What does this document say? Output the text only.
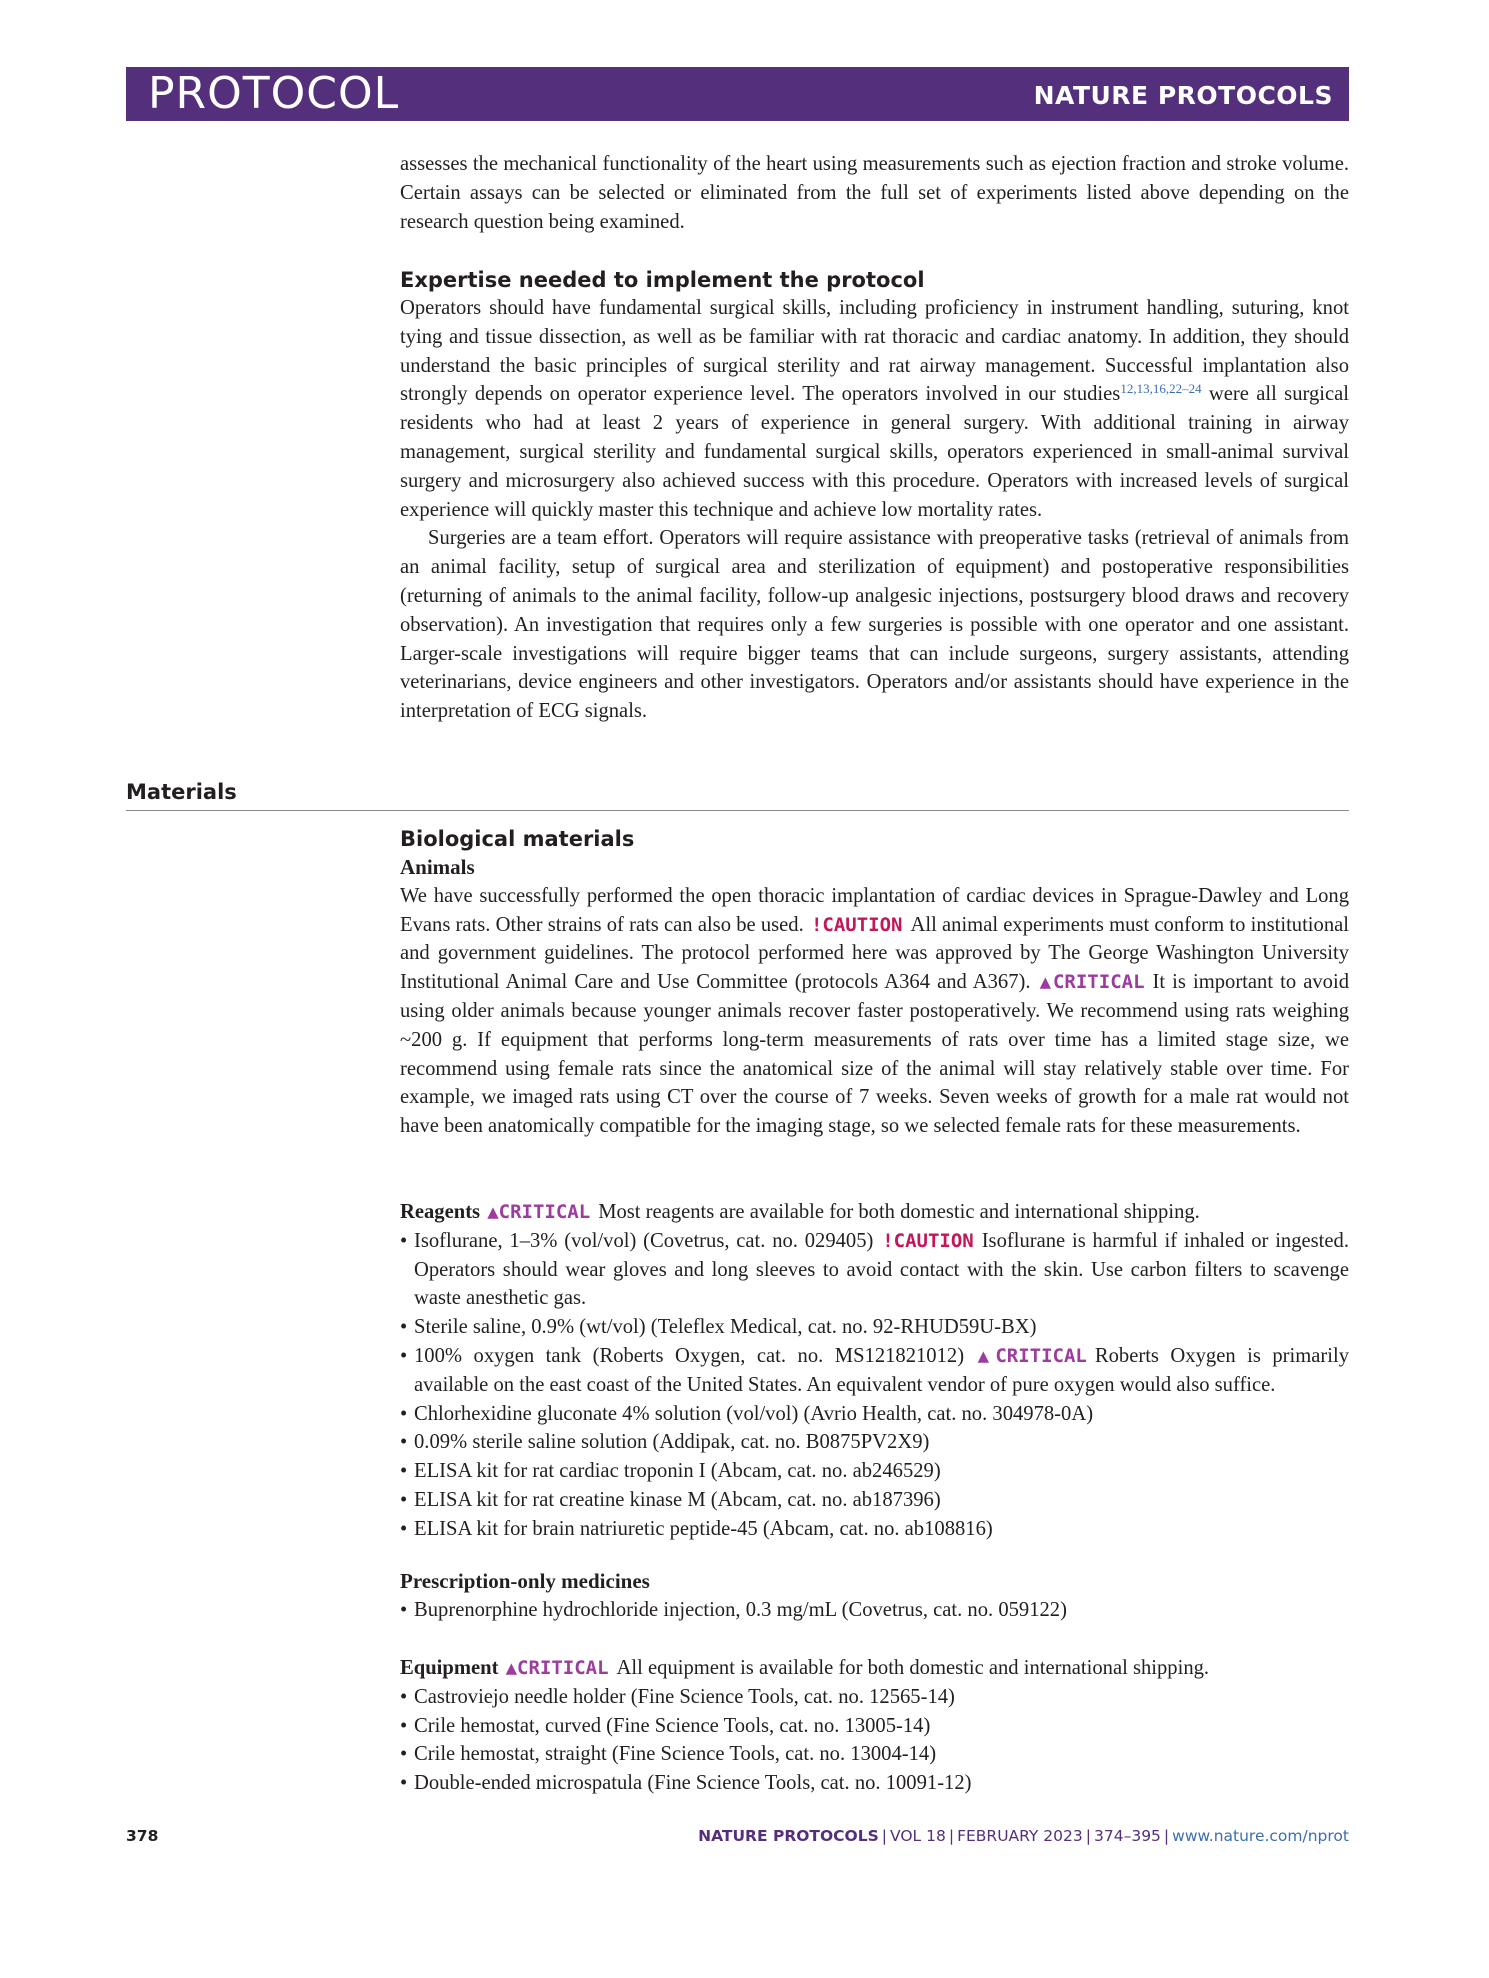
PROTOCOL	NATURE PROTOCOLS

assesses the mechanical functionality of the heart using measurements such as ejection fraction and stroke volume. Certain assays can be selected or eliminated from the full set of experiments listed above depending on the research question being examined.

Expertise needed to implement the protocol

Operators should have fundamental surgical skills, including proficiency in instrument handling, suturing, knot tying and tissue dissection, as well as be familiar with rat thoracic and cardiac anatomy. In addition, they should understand the basic principles of surgical sterility and rat airway management. Successful implantation also strongly depends on operator experience level. The operators involved in our studies$^{12,13,16,22-24}$ were all surgical residents who had at least 2 years of experience in general surgery. With additional training in airway management, surgical sterility and fundamental surgical skills, operators experienced in small-animal survival surgery and microsurgery also achieved success with this procedure. Operators with increased levels of surgical experience will quickly master this technique and achieve low mortality rates.

Surgeries are a team effort. Operators will require assistance with preoperative tasks (retrieval of animals from an animal facility, setup of surgical area and sterilization of equipment) and postoperative responsibilities (returning of animals to the animal facility, follow-up analgesic injections, postsurgery blood draws and recovery observation). An investigation that requires only a few surgeries is possible with one operator and one assistant. Larger-scale investigations will require bigger teams that can include surgeons, surgery assistants, attending veterinarians, device engineers and other investigators. Operators and/or assistants should have experience in the interpretation of ECG signals.

Materials

Biological materials

Animals

We have successfully performed the open thoracic implantation of cardiac devices in Sprague-Dawley and Long Evans rats. Other strains of rats can also be used. !CAUTION All animal experiments must conform to institutional and government guidelines. The protocol performed here was approved by The George Washington University Institutional Animal Care and Use Committee (protocols A364 and A367). ▲CRITICAL It is important to avoid using older animals because younger animals recover faster postoperatively. We recommend using rats weighing ~200 g. If equipment that performs long-term measurements of rats over time has a limited stage size, we recommend using female rats since the anatomical size of the animal will stay relatively stable over time. For example, we imaged rats using CT over the course of 7 weeks. Seven weeks of growth for a male rat would not have been anatomically compatible for the imaging stage, so we selected female rats for these measurements.

Reagents ▲CRITICAL Most reagents are available for both domestic and international shipping.

• Isoflurane, 1–3% (vol/vol) (Covetrus, cat. no. 029405) !CAUTION Isoflurane is harmful if inhaled or ingested. Operators should wear gloves and long sleeves to avoid contact with the skin. Use carbon filters to scavenge waste anesthetic gas.
• Sterile saline, 0.9% (wt/vol) (Teleflex Medical, cat. no. 92-RHUD59U-BX)
• 100% oxygen tank (Roberts Oxygen, cat. no. MS121821012) ▲CRITICAL Roberts Oxygen is primarily available on the east coast of the United States. An equivalent vendor of pure oxygen would also suffice.
• Chlorhexidine gluconate 4% solution (vol/vol) (Avrio Health, cat. no. 304978-0A)
• 0.09% sterile saline solution (Addipak, cat. no. B0875PV2X9)
• ELISA kit for rat cardiac troponin I (Abcam, cat. no. ab246529)
• ELISA kit for rat creatine kinase M (Abcam, cat. no. ab187396)
• ELISA kit for brain natriuretic peptide-45 (Abcam, cat. no. ab108816)

Prescription-only medicines

• Buprenorphine hydrochloride injection, 0.3 mg/mL (Covetrus, cat. no. 059122)

Equipment ▲CRITICAL All equipment is available for both domestic and international shipping.

• Castroviejo needle holder (Fine Science Tools, cat. no. 12565-14)
• Crile hemostat, curved (Fine Science Tools, cat. no. 13005-14)
• Crile hemostat, straight (Fine Science Tools, cat. no. 13004-14)
• Double-ended microspatula (Fine Science Tools, cat. no. 10091-12)
378	NATURE PROTOCOLS | VOL 18 | FEBRUARY 2023 | 374–395 | www.nature.com/nprot
